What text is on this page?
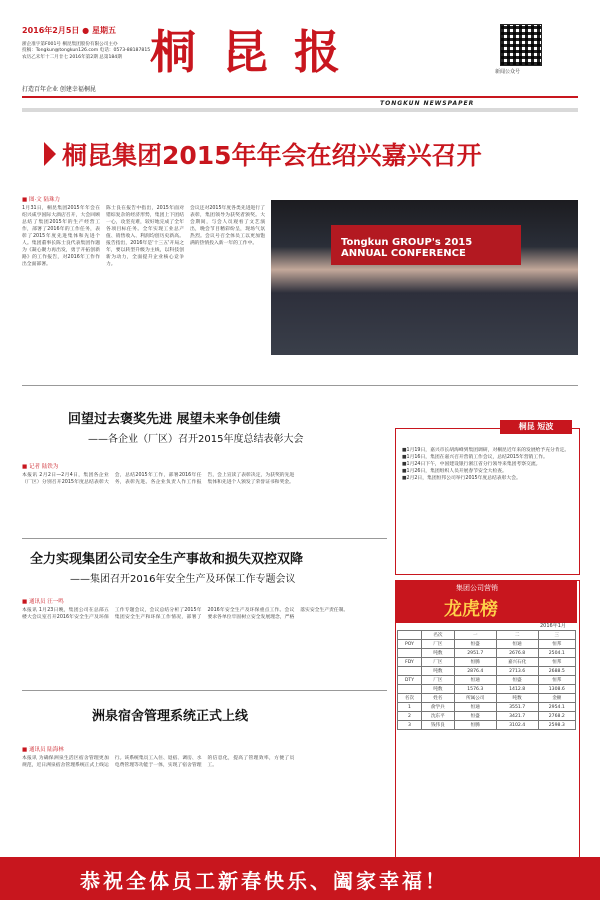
2016年2月5日 ● 星期五
浙企准字第F001号 桐昆集团股份有限公司主办
投稿：Tongkun@tongkun126.com 电话：0573-88187815
农历乙未年十二月廿七 2016年第2期 总第184期 桐昆报	新闻公众号
打造百年企业 创建幸福桐昆
TONGKUN NEWSPAPER
桐昆集团2015年年会在绍兴嘉兴召开
■ 图·文 陆珠力
1月31日，桐昆集团2015年年会在绍兴咸亨国际大酒店召开，大会回顾总结了集团2015年的生产经营工作，部署了2016年的工作任务，表彰了2015年度先进集体和先进个人。集团董事长陈士良代表集团作题为《凝心聚力再出发，勇于开拓创新路》的工作报告，对2016年工作作出全面部署。
陈士良在报告中指出，2015年面对错综复杂的经济形势，集团上下团结一心，攻坚克难，较好地完成了全年各项目标任务。全年实现工业总产值、销售收入、利润均创历史新高。报告指出，2016年是'十三五'开局之年，要以转型升级为主线，以科技创新为动力，全面提升企业核心竞争力。
会议还对2015年度各类先进进行了表彰，集团领导为获奖者颁奖。大会期间，与会人员观看了文艺演出，晚会节目精彩纷呈，现场气氛热烈。会议号召全体员工以更加饱满的热情投入新一年的工作中。	Tongkun GROUP's 2015 ANNUAL CONFERENCE
回望过去褒奖先进 展望未来争创佳绩
——各企业（厂区）召开2015年度总结表彰大会
■ 记者 陆铁为
本报讯 2月2日—2月4日，集团各企业（厂区）分别召开2015年度总结表彰大会，总结2015年工作，部署2016年任务，表彰先进。各企业负责人作工作报告，会上宣读了表彰决定，为获奖的先进集体和先进个人颁发了荣誉证书和奖金。
全力实现集团公司安全生产事故和损失双控双降
——集团召开2016年安全生产及环保工作专题会议
■ 通讯员 汪一鸣
本报讯 1月23日晚，集团公司在总部五楼大会议室召开2016年安全生产及环保工作专题会议，会议总结分析了2015年集团安全生产和环保工作情况，部署了2016年安全生产及环保重点工作。会议要求各单位牢固树立安全发展理念，严格落实安全生产责任制。
洲泉宿舍管理系统正式上线
■ 通讯员 陆海林
本报讯 为确保洲泉生活区宿舍管理更加规范，近日洲泉宿舍管理系统正式上线运行。该系统集员工入住、退宿、调房、水电费管理等功能于一体，实现了宿舍管理的信息化，提高了管理效率，方便了员工。
■1月19日，嘉兴市长胡海峰到集团调研，对桐昆近年来的发展给予充分肯定。
■1月16日，集团在嘉兴召开营销工作会议，总结2015年营销工作。
■1月24日下午，中国建设银行浙江省分行领导来集团考察交流。
■1月26日，集团组织人员开展春节安全大检查。
■2月2日，集团恒邦公司举行2015年度总结表彰大会。
桐昆 短波
集团公司营销
龙虎榜
2016年1月
	名次	一	二	三
POY	厂区	恒盛	恒通	恒邦
	吨数	2951.7	2676.8	2504.1
FDY	厂区	恒腾	嘉兴石化	恒邦
	吨数	2876.4	2713.6	2688.5
DTY	厂区	恒通	恒盛	恒邦
	吨数	1576.3	1412.8	1308.6
名次	姓名	所属公司	吨数	金额
1	俞学兵	恒通	3551.7	2954.1
2	沈东平	恒盛	3421.7	2768.2
3	钱伟良	恒腾	3102.4	2598.3
恭祝全体员工新春快乐、阖家幸福！
